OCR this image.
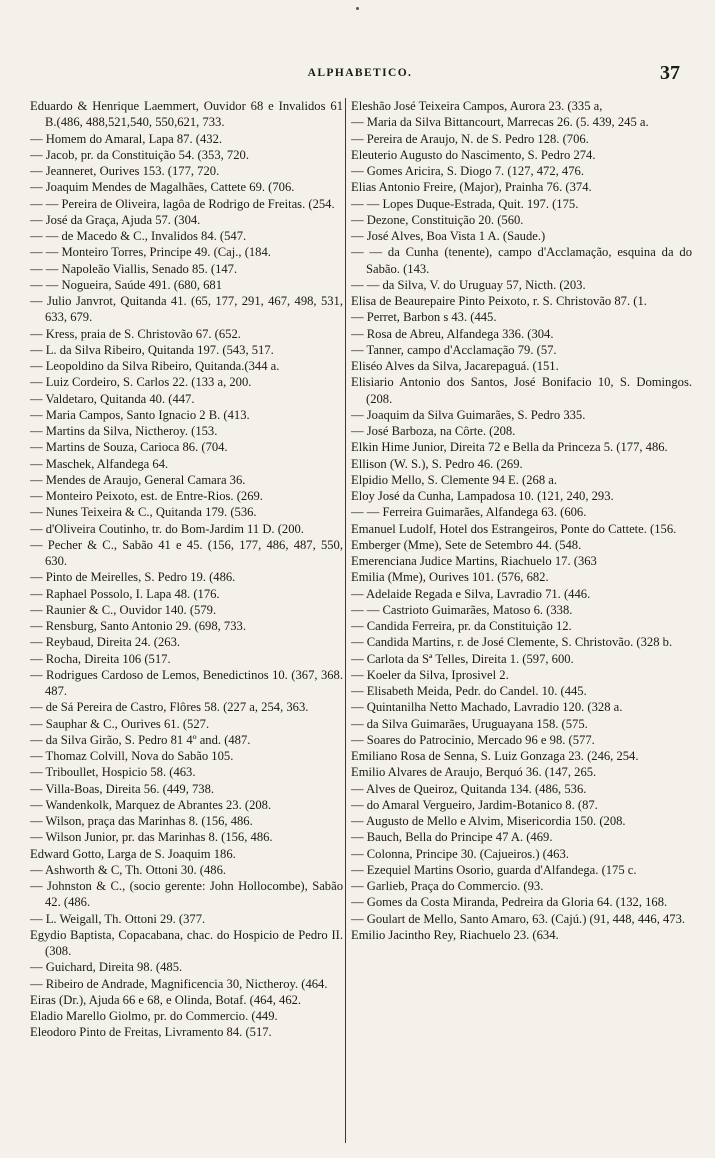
ALPHABETICO.	37

Eduardo & Henrique Laemmert, Ouvidor 68 e Invalidos 61 B.(486, 488,521,540, 550,621, 733.

— Homem do Amaral, Lapa 87. (432.

— Jacob, pr. da Constituição 54. (353, 720.

— Jeanneret, Ourives 153. (177, 720.

— Joaquim Mendes de Magalhães, Cattete 69. (706.

— — Pereira de Oliveira, lagôa de Rodrigo de Freitas. (254.

— José da Graça, Ajuda 57. (304.

— — de Macedo & C., Invalidos 84. (547.

— — Monteiro Torres, Principe 49. (Caj., (184.

— — Napoleão Viallis, Senado 85. (147.

— — Nogueira, Saúde 491. (680, 681

— Julio Janvrot, Quitanda 41. (65, 177, 291, 467, 498, 531, 633, 679.

— Kress, praia de S. Christovão 67. (652.

— L. da Silva Ribeiro, Quitanda 197. (543, 517.

— Leopoldino da Silva Ribeiro, Quitanda.(344 a.

— Luiz Cordeiro, S. Carlos 22. (133 a, 200.

— Valdetaro, Quitanda 40. (447.

— Maria Campos, Santo Ignacio 2 B. (413.

— Martins da Silva, Nictheroy. (153.

— Martins de Souza, Carioca 86. (704.

— Maschek, Alfandega 64.

— Mendes de Araujo, General Camara 36.

— Monteiro Peixoto, est. de Entre-Rios. (269.

— Nunes Teixeira & C., Quitanda 179. (536.

— d'Oliveira Coutinho, tr. do Bom-Jardim 11 D. (200.

— Pecher & C., Sabão 41 e 45. (156, 177, 486, 487, 550, 630.

— Pinto de Meirelles, S. Pedro 19. (486.

— Raphael Possolo, I. Lapa 48. (176.

— Raunier & C., Ouvidor 140. (579.

— Rensburg, Santo Antonio 29. (698, 733.

— Reybaud, Direita 24. (263.

— Rocha, Direita 106 (517.

— Rodrigues Cardoso de Lemos, Benedictinos 10. (367, 368. 487.

— de Sá Pereira de Castro, Flôres 58. (227 a, 254, 363.

— Sauphar & C., Ourives 61. (527.

— da Silva Girão, S. Pedro 81 4º and. (487.

— Thomaz Colvill, Nova do Sabão 105.

— Triboullet, Hospicio 58. (463.

— Villa-Boas, Direita 56. (449, 738.

— Wandenkolk, Marquez de Abrantes 23. (208.

— Wilson, praça das Marinhas 8. (156, 486.

— Wilson Junior, pr. das Marinhas 8. (156, 486.

Edward Gotto, Larga de S. Joaquim 186.

— Ashworth & C, Th. Ottoni 30. (486.

— Johnston & C., (socio gerente: John Hollocombe), Sabão 42. (486.

— L. Weigall, Th. Ottoni 29. (377.

Egydio Baptista, Copacabana, chac. do Hospicio de Pedro II. (308.

— Guichard, Direita 98. (485.

— Ribeiro de Andrade, Magnificencia 30, Nictheroy. (464.

Eiras (Dr.), Ajuda 66 e 68, e Olinda, Botaf. (464, 462.

Eladio Marello Giolmo, pr. do Commercio. (449.

Eleodoro Pinto de Freitas, Livramento 84. (517.

Eleshão José Teixeira Campos, Aurora 23. (335 a,

— Maria da Silva Bittancourt, Marrecas 26. (5. 439, 245 a.

— Pereira de Araujo, N. de S. Pedro 128. (706.

Eleuterio Augusto do Nascimento, S. Pedro 274.

— Gomes Aricira, S. Diogo 7. (127, 472, 476.

Elias Antonio Freire, (Major), Prainha 76. (374.

— — Lopes Duque-Estrada, Quit. 197. (175.

— Dezone, Constituição 20. (560.

— José Alves, Boa Vista 1 A. (Saude.)

— — da Cunha (tenente), campo d'Acclamação, esquina da do Sabão. (143.

— — da Silva, V. do Uruguay 57, Nicth. (203.

Elisa de Beaurepaire Pinto Peixoto, r. S. Christovão 87. (1.

— Perret, Barbon s 43. (445.

— Rosa de Abreu, Alfandega 336. (304.

— Tanner, campo d'Acclamação 79. (57.

Eliséo Alves da Silva, Jacarepaguá. (151.

Elisiario Antonio dos Santos, José Bonifacio 10, S. Domingos. (208.

— Joaquim da Silva Guimarães, S. Pedro 335.

— José Barboza, na Côrte. (208.

Elkin Hime Junior, Direita 72 e Bella da Princeza 5. (177, 486.

Ellison (W. S.), S. Pedro 46. (269.

Elpidio Mello, S. Clemente 94 E. (268 a.

Eloy José da Cunha, Lampadosa 10. (121, 240, 293.

— — Ferreira Guimarães, Alfandega 63. (606.

Emanuel Ludolf, Hotel dos Estrangeiros, Ponte do Cattete. (156.

Emberger (Mme), Sete de Setembro 44. (548.

Emerenciana Judice Martins, Riachuelo 17. (363

Emilia (Mme), Ourives 101. (576, 682.

— Adelaide Regada e Silva, Lavradio 71. (446.

— — Castrioto Guimarães, Matoso 6. (338.

— Candida Ferreira, pr. da Constituição 12.

— Candida Martins, r. de José Clemente, S. Christovão. (328 b.

— Carlota da Sª Telles, Direita 1. (597, 600.

— Koeler da Silva, Iprosivel 2.

— Elisabeth Meida, Pedr. do Candel. 10. (445.

— Quintanilha Netto Machado, Lavradio 120. (328 a.

— da Silva Guimarães, Uruguayana 158. (575.

— Soares do Patrocinio, Mercado 96 e 98. (577.

Emiliano Rosa de Senna, S. Luiz Gonzaga 23. (246, 254.

Emilio Alvares de Araujo, Berquó 36. (147, 265.

— Alves de Queiroz, Quitanda 134. (486, 536.

— do Amaral Vergueiro, Jardim-Botanico 8. (87.

— Augusto de Mello e Alvim, Misericordia 150. (208.

— Bauch, Bella do Principe 47 A. (469.

— Colonna, Principe 30. (Cajueiros.) (463.

— Ezequiel Martins Osorio, guarda d'Alfandega. (175 c.

— Garlieb, Praça do Commercio. (93.

— Gomes da Costa Miranda, Pedreira da Gloria 64. (132, 168.

— Goulart de Mello, Santo Amaro, 63. (Cajú.) (91, 448, 446, 473.

Emilio Jacintho Rey, Riachuelo 23. (634.
